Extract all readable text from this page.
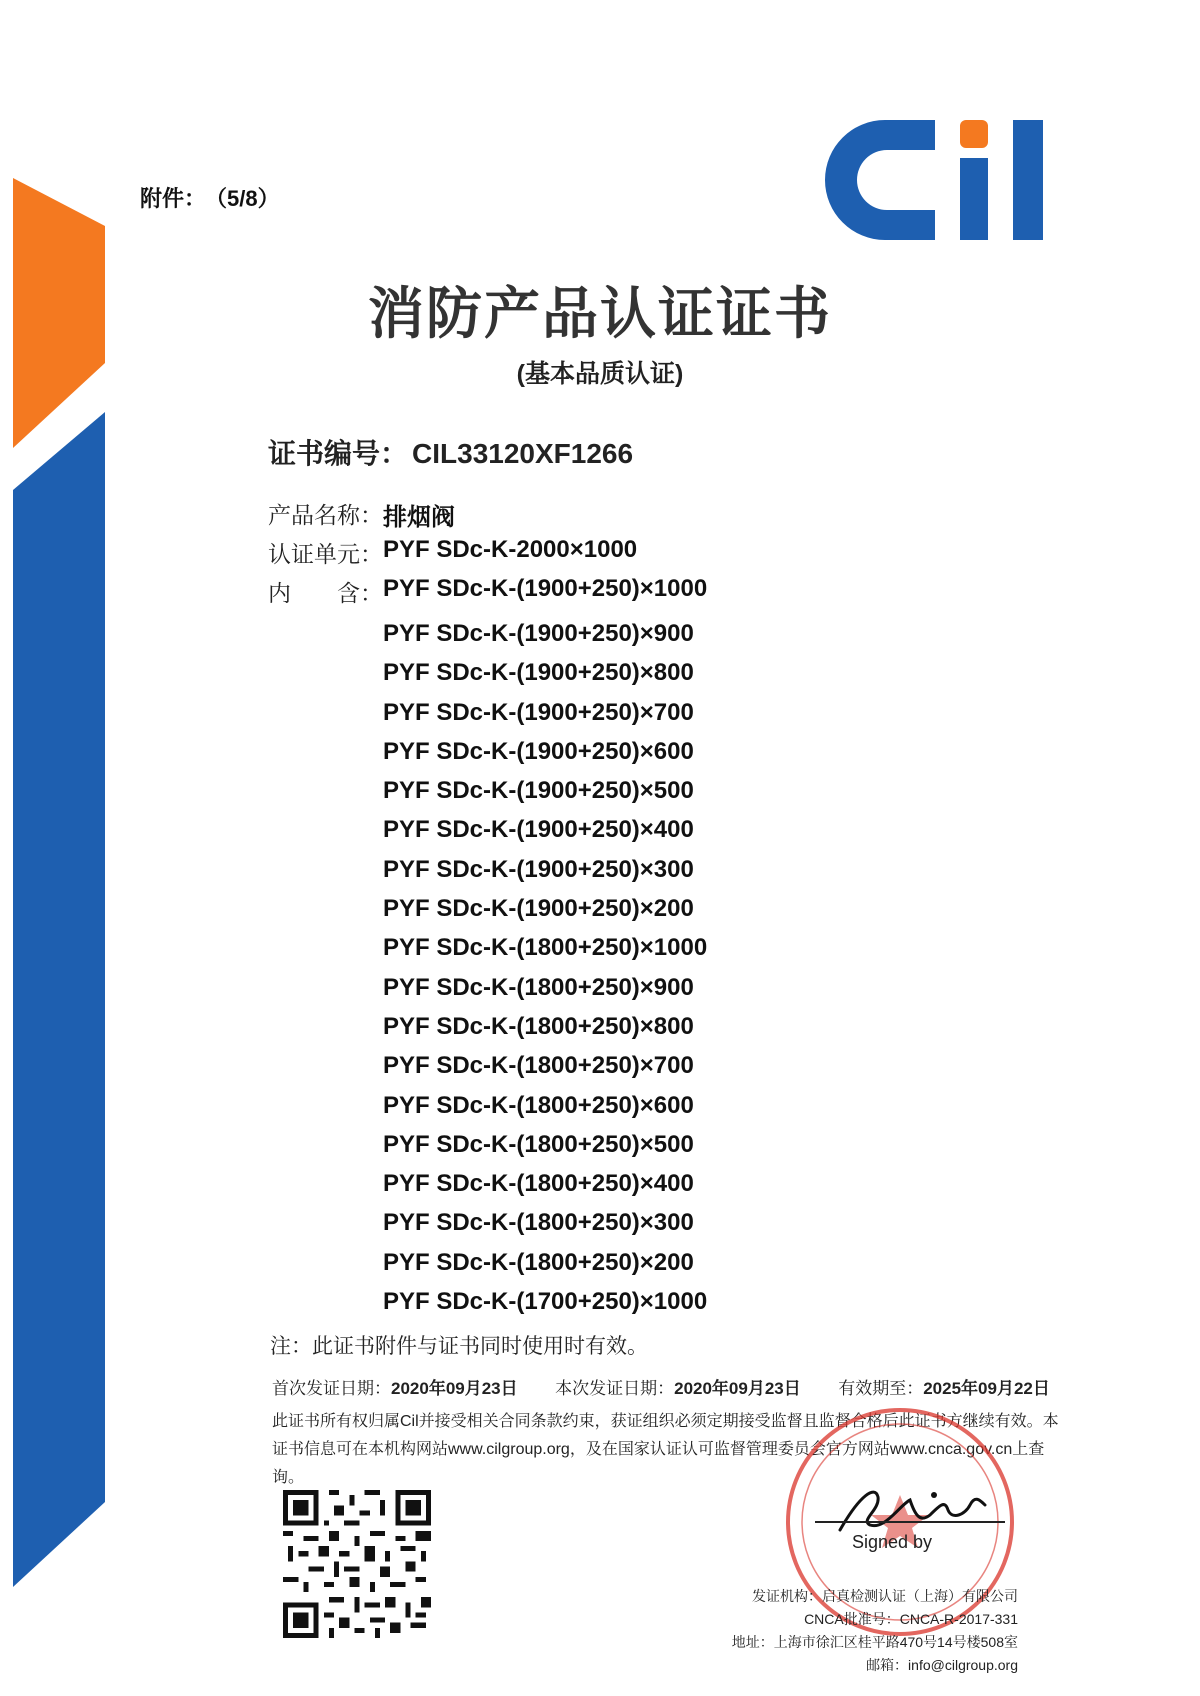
附件： （5/8）
消防产品认证证书
(基本品质认证)
证书编号： CIL33120XF1266
产品名称： 排烟阀
认证单元： PYF SDc-K-2000×1000
内　　含： PYF SDc-K-(1900+250)×1000
PYF SDc-K-(1900+250)×900
PYF SDc-K-(1900+250)×800
PYF SDc-K-(1900+250)×700
PYF SDc-K-(1900+250)×600
PYF SDc-K-(1900+250)×500
PYF SDc-K-(1900+250)×400
PYF SDc-K-(1900+250)×300
PYF SDc-K-(1900+250)×200
PYF SDc-K-(1800+250)×1000
PYF SDc-K-(1800+250)×900
PYF SDc-K-(1800+250)×800
PYF SDc-K-(1800+250)×700
PYF SDc-K-(1800+250)×600
PYF SDc-K-(1800+250)×500
PYF SDc-K-(1800+250)×400
PYF SDc-K-(1800+250)×300
PYF SDc-K-(1800+250)×200
PYF SDc-K-(1700+250)×1000
注：此证书附件与证书同时使用时有效。
首次发证日期：2020年09月23日 本次发证日期：2020年09月23日 有效期至：2025年09月22日
此证书所有权归属Cil并接受相关合同条款约束，获证组织必须定期接受监督且监督合格后此证书方继续有效。本证书信息可在本机构网站www.cilgroup.org，及在国家认证认可监督管理委员会官方网站www.cnca.gov.cn上查询。
Signed by
发证机构：启真检测认证（上海）有限公司
CNCA批准号：CNCA-R-2017-331
地址：上海市徐汇区桂平路470号14号楼508室
邮箱：info@cilgroup.org
